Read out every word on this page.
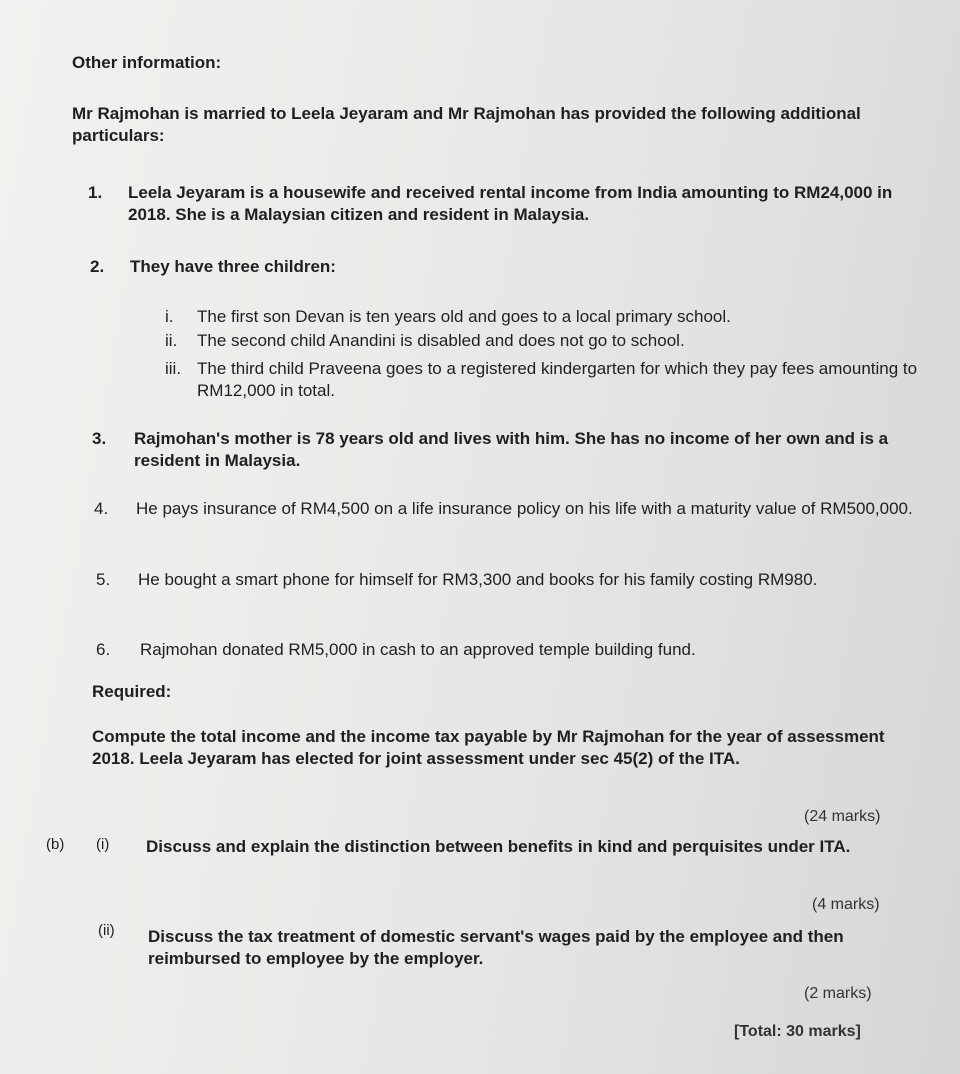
Other information:
Mr Rajmohan is married to Leela Jeyaram and Mr Rajmohan has provided the following additional particulars:
1. Leela Jeyaram is a housewife and received rental income from India amounting to RM24,000 in 2018. She is a Malaysian citizen and resident in Malaysia.
2. They have three children:
i. The first son Devan is ten years old and goes to a local primary school.
ii. The second child Anandini is disabled and does not go to school.
iii. The third child Praveena goes to a registered kindergarten for which they pay fees amounting to RM12,000 in total.
3. Rajmohan's mother is 78 years old and lives with him. She has no income of her own and is a resident in Malaysia.
4. He pays insurance of RM4,500 on a life insurance policy on his life with a maturity value of RM500,000.
5. He bought a smart phone for himself for RM3,300 and books for his family costing RM980.
6. Rajmohan donated RM5,000 in cash to an approved temple building fund.
Required:
Compute the total income and the income tax payable by Mr Rajmohan for the year of assessment 2018. Leela Jeyaram has elected for joint assessment under sec 45(2) of the ITA.
(24 marks)
(b) (i) Discuss and explain the distinction between benefits in kind and perquisites under ITA.
(4 marks)
(ii) Discuss the tax treatment of domestic servant's wages paid by the employee and then reimbursed to employee by the employer.
(2 marks)
[Total: 30 marks]
